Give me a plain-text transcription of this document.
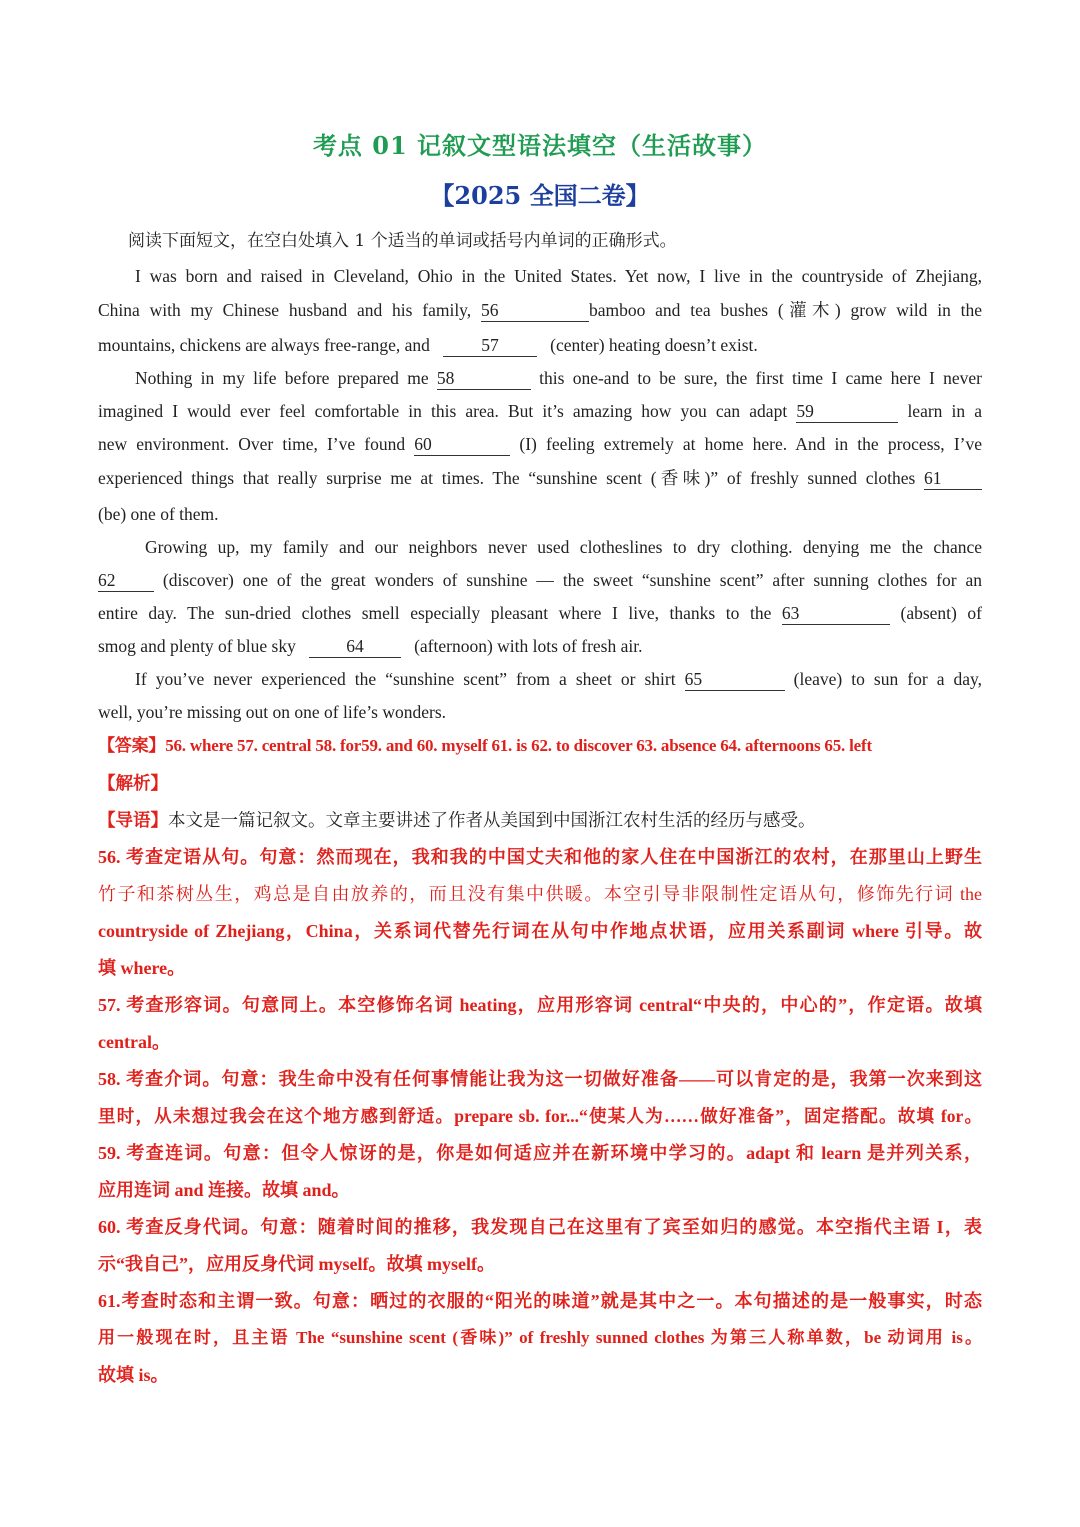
考点 01 记叙文型语法填空（生活故事）
【2025 全国二卷】
阅读下面短文，在空白处填入 1 个适当的单词或括号内单词的正确形式。
I was born and raised in Cleveland, Ohio in the United States. Yet now, I live in the countryside of Zhejiang,
China with my Chinese husband and his family, 56	bamboo and tea bushes (灌木) grow wild in the
mountains, chickens are always free-range, and	57	(center) heating doesn’t exist.
Nothing in my life before prepared me 58	this one-and to be sure, the first time I came here I never
imagined I would ever feel comfortable in this area. But it’s amazing how you can adapt 59	learn in a
new environment. Over time, I’ve found 60	(I) feeling extremely at home here. And in the process, I’ve
experienced things that really surprise me at times. The “sunshine scent (香味)” of freshly sunned clothes 61
(be) one of them.
Growing up, my family and our neighbors never used clotheslines to dry clothing. denying me the chance
62	(discover) one of the great wonders of sunshine — the sweet “sunshine scent” after sunning clothes for an
entire day. The sun-dried clothes smell especially pleasant where I live, thanks to the 63	(absent) of
smog and plenty of blue sky	64	(afternoon) with lots of fresh air.
If you’ve never experienced the “sunshine scent” from a sheet or shirt 65	(leave) to sun for a day,
well, you’re missing out on one of life’s wonders.
【答案】56. where 57. central 58. for59. and 60. myself 61. is 62. to discover 63. absence 64. afternoons 65. left
【解析】
【导语】本文是一篇记叙文。文章主要讲述了作者从美国到中国浙江农村生活的经历与感受。
56. 考查定语从句。句意：然而现在，我和我的中国丈夫和他的家人住在中国浙江的农村，在那里山上野生
竹子和茶树丛生，鸡总是自由放养的，而且没有集中供暖。本空引导非限制性定语从句，修饰先行词 the
countryside of Zhejiang，China，关系词代替先行词在从句中作地点状语，应用关系副词 where 引导。故
填 where。
57. 考查形容词。句意同上。本空修饰名词 heating，应用形容词 central“中央的，中心的”，作定语。故填
central。
58. 考查介词。句意：我生命中没有任何事情能让我为这一切做好准备——可以肯定的是，我第一次来到这
里时，从未想过我会在这个地方感到舒适。prepare sb. for...“使某人为……做好准备”，固定搭配。故填 for。
59. 考查连词。句意：但令人惊讶的是，你是如何适应并在新环境中学习的。adapt 和 learn 是并列关系，
应用连词 and 连接。故填 and。
60. 考查反身代词。句意：随着时间的推移，我发现自己在这里有了宾至如归的感觉。本空指代主语 I，表
示“我自己”，应用反身代词 myself。故填 myself。
61.考查时态和主谓一致。句意：晒过的衣服的“阳光的味道”就是其中之一。本句描述的是一般事实，时态
用一般现在时，且主语 The “sunshine scent (香味)” of freshly sunned clothes 为第三人称单数，be 动词用 is。
故填 is。
